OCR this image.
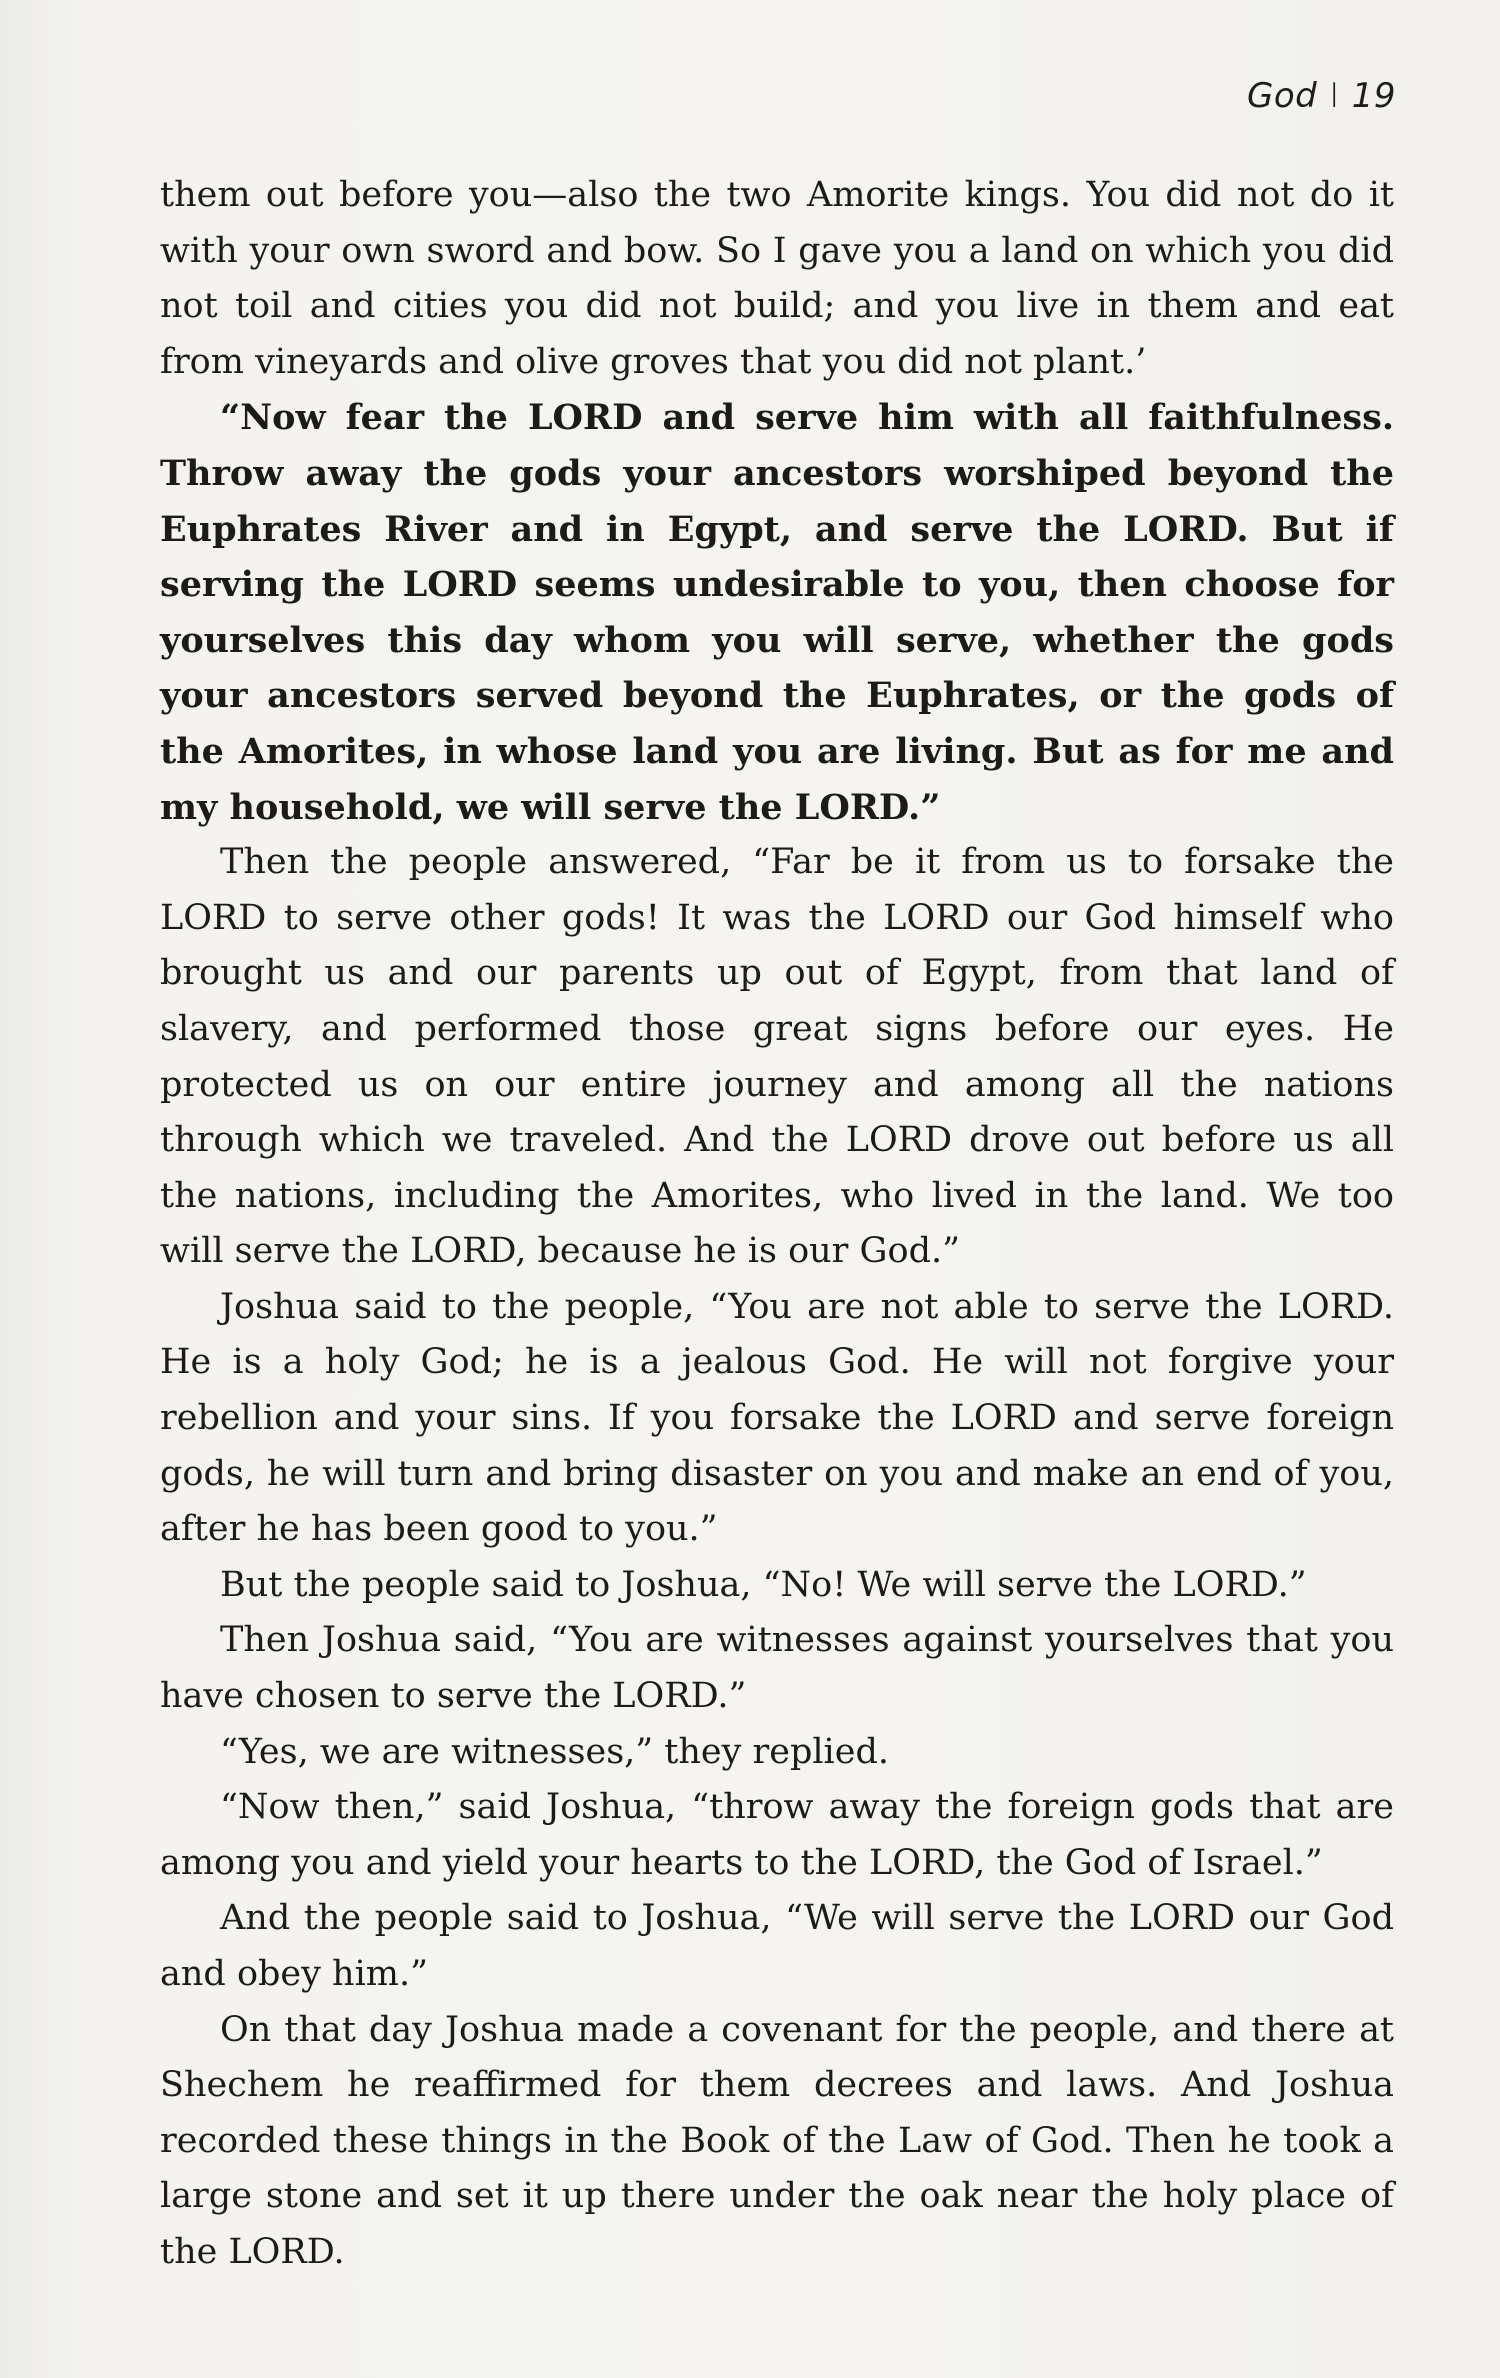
God I 19

them out before you—also the two Amorite kings. You did not do it with your own sword and bow. So I gave you a land on which you did not toil and cities you did not build; and you live in them and eat from vineyards and olive groves that you did not plant.’

“Now fear the LORD and serve him with all faithfulness. Throw away the gods your ancestors worshiped beyond the Euphrates River and in Egypt, and serve the LORD. But if serving the LORD seems undesirable to you, then choose for yourselves this day whom you will serve, whether the gods your ancestors served beyond the Euphrates, or the gods of the Amorites, in whose land you are living. But as for me and my household, we will serve the LORD.”

Then the people answered, “Far be it from us to forsake the LORD to serve other gods! It was the LORD our God himself who brought us and our parents up out of Egypt, from that land of slavery, and performed those great signs before our eyes. He protected us on our entire journey and among all the nations through which we traveled. And the LORD drove out before us all the nations, including the Amorites, who lived in the land. We too will serve the LORD, because he is our God.”

Joshua said to the people, “You are not able to serve the LORD. He is a holy God; he is a jealous God. He will not forgive your rebellion and your sins. If you forsake the LORD and serve foreign gods, he will turn and bring disaster on you and make an end of you, after he has been good to you.”

But the people said to Joshua, “No! We will serve the LORD.”

Then Joshua said, “You are witnesses against yourselves that you have chosen to serve the LORD.”

“Yes, we are witnesses,” they replied.

“Now then,” said Joshua, “throw away the foreign gods that are among you and yield your hearts to the LORD, the God of Israel.”

And the people said to Joshua, “We will serve the LORD our God and obey him.”

On that day Joshua made a covenant for the people, and there at Shechem he reaffirmed for them decrees and laws. And Joshua recorded these things in the Book of the Law of God. Then he took a large stone and set it up there under the oak near the holy place of the LORD.
